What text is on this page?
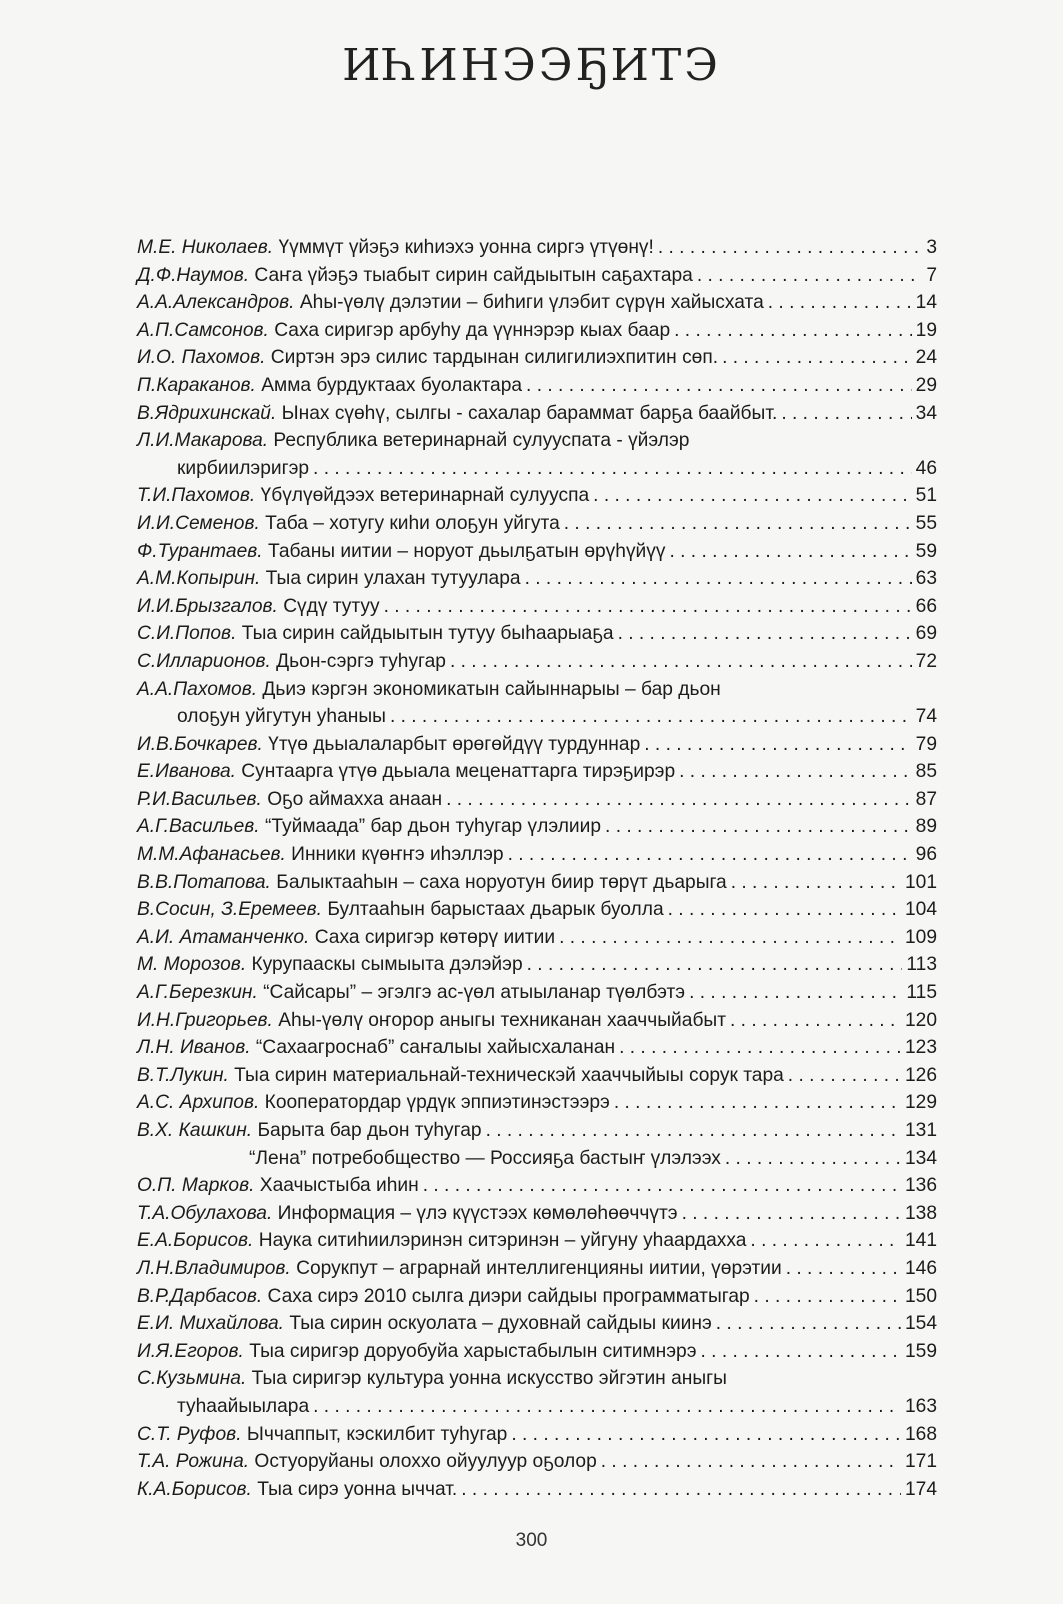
ИҺИНЭЭҔИТЭ
М.Е. Николаев. Үүммүт үйэҕэ киһиэхэ уонна сиргэ үтүөнү! . . .	3
Д.Ф.Наумов. Саҥа үйэҕэ тыабыт сирин сайдыытын саҕахтара . . .	7
А.А.Александров. Аһы-үөлү дэлэтии – биһиги үлэбит сүрүн хайысхата . . .	14
А.П.Самсонов. Саха сиригэр арбуһу да үүннэрэр кыах баар . . .	19
И.О. Пахомов. Сиртэн эрэ силис тардынан силигилиэхпитин сөп. . . .	24
П.Караканов. Амма бурдуктаах буолактара . . .	29
В.Ядрихинскай. Ынах сүөһү, сылгы - сахалар бараммат барҕа баайбыт. . . .	34
Л.И.Макарова. Республика ветеринарнай сулууспата - үйэлэр
кирбиилэригэр . . .	46
Т.И.Пахомов. Үбүлүөйдээх ветеринарнай сулууспа . . .	51
И.И.Семенов. Таба – хотугу киһи олоҕун уйгута . . .	55
Ф.Турантаев. Табаны иитии – норуот дьылҕатын өрүһүйүү . . .	59
А.М.Копырин. Тыа сирин улахан тутуулара . . .	63
И.И.Брызгалов. Сүдү тутуу . . .	66
С.И.Попов. Тыа сирин сайдыытын тутуу быһаарыаҕа . . .	69
С.Илларионов. Дьон-сэргэ туһугар . . .	72
А.А.Пахомов. Дьиэ кэргэн экономикатын сайыннарыы – бар дьон
олоҕун уйгутун уһаныы . . .	74
И.В.Бочкарев. Үтүө дьыалаларбыт өрөгөйдүү турдуннар . . .	79
Е.Иванова. Сунтаарга үтүө дьыала меценаттарга тирэҕирэр . . .	85
Р.И.Васильев. Оҕо аймахха анаан . . .	87
А.Г.Васильев. “Туймаада” бар дьон туһугар үлэлиир . . .	89
М.М.Афанасьев. Инники күөҥҥэ иһэллэр . . .	96
В.В.Потапова. Балыктааһын – саха норуотун биир төрүт дьарыга . . .	101
В.Сосин, З.Еремеев. Бултааһын барыстаах дьарык буолла . . .	104
А.И. Атаманченко. Саха сиригэр көтөрү иитии . . .	109
М. Морозов. Курупааскы сымыыта дэлэйэр . . .	113
А.Г.Березкин. “Сайсары” – эгэлгэ ас-үөл атыыланар түөлбэтэ . . .	115
И.Н.Григорьев. Аһы-үөлү оҥорор аныгы техниканан хааччыйабыт . . .	120
Л.Н. Иванов. “Сахаагроснаб” саҥалыы хайысхаланан . . .	123
В.Т.Лукин. Тыа сирин материальнай-техническэй хааччыйыы сорук тара . . .	126
А.С. Архипов. Кооператордар үрдүк эппиэтинэстээрэ . . .	129
В.Х. Кашкин. Барыта бар дьон туһугар . . .	131
“Лена” потребобщество — Россияҕа бастыҥ үлэлээх . . .	134
О.П. Марков. Хаачыстыба иһин . . .	136
Т.А.Обулахова. Информация – үлэ күүстээх көмөлөһөөччүтэ . . .	138
Е.А.Борисов. Наука ситиһиилэринэн ситэринэн – уйгуну уһаардахха . . .	141
Л.Н.Владимиров. Сорукпут – аграрнай интеллигенцияны иитии, үөрэтии . . .	146
В.Р.Дарбасов. Саха сирэ 2010 сылга диэри сайдыы программатыгар . . .	150
Е.И. Михайлова. Тыа сирин оскуолата – духовнай сайдыы киинэ . . .	154
И.Я.Егоров. Тыа сиригэр доруобуйа харыстабылын ситимнэрэ . . .	159
С.Кузьмина. Тыа сиригэр культура уонна искусство эйгэтин аныгы
туһаайыылара . . .	163
С.Т. Руфов. Ыччаппыт, кэскилбит туһугар . . .	168
Т.А. Рожина. Остуоруйаны олоххо ойуулуур оҕолор . . .	171
К.А.Борисов. Тыа сирэ уонна ыччат. . . .	174
300
